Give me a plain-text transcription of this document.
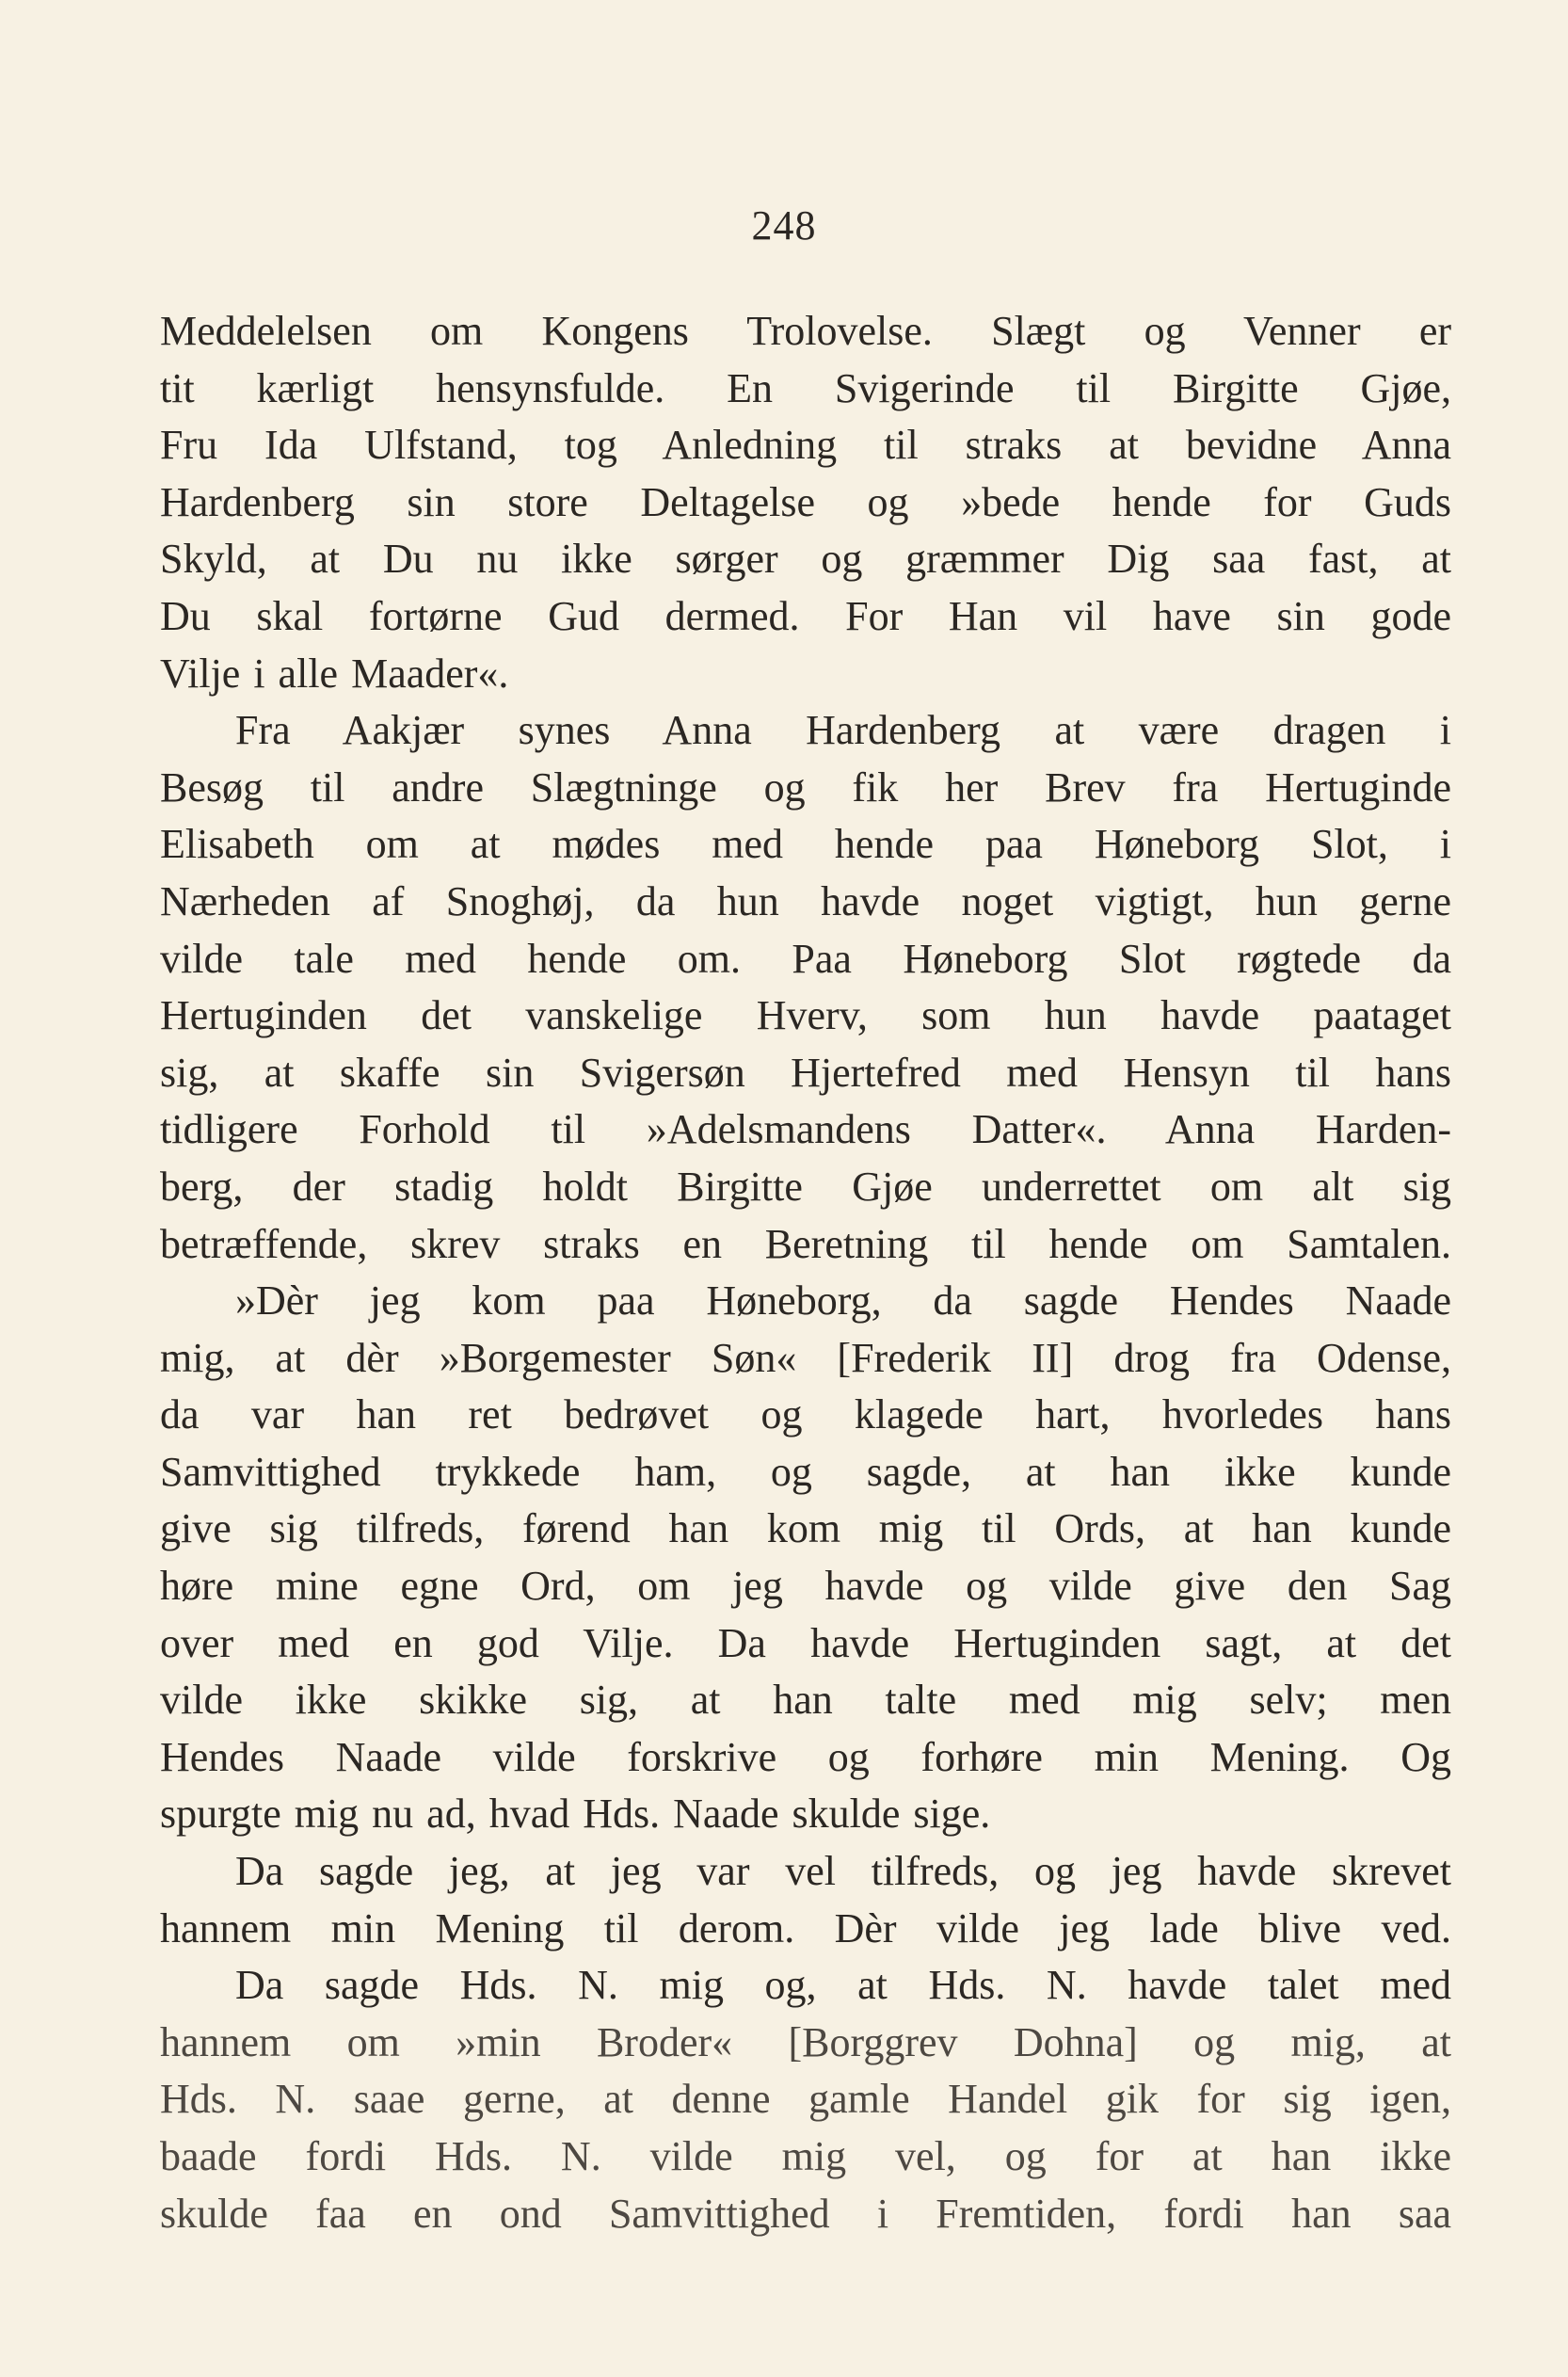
248
Meddelelsen om Kongens Trolovelse. Slægt og Venner er
tit kærligt hensynsfulde. En Svigerinde til Birgitte Gjøe,
Fru Ida Ulfstand, tog Anledning til straks at bevidne Anna
Hardenberg sin store Deltagelse og »bede hende for Guds
Skyld, at Du nu ikke sørger og græmmer Dig saa fast, at
Du skal fortørne Gud dermed. For Han vil have sin gode
Vilje i alle Maader«.
Fra Aakjær synes Anna Hardenberg at være dragen i
Besøg til andre Slægtninge og fik her Brev fra Hertuginde
Elisabeth om at mødes med hende paa Høneborg Slot, i
Nærheden af Snoghøj, da hun havde noget vigtigt, hun gerne
vilde tale med hende om. Paa Høneborg Slot røgtede da
Hertuginden det vanskelige Hverv, som hun havde paataget
sig, at skaffe sin Svigersøn Hjertefred med Hensyn til hans
tidligere Forhold til »Adelsmandens Datter«. Anna Harden-
berg, der stadig holdt Birgitte Gjøe underrettet om alt sig
betræffende, skrev straks en Beretning til hende om Samtalen.
»Dèr jeg kom paa Høneborg, da sagde Hendes Naade
mig, at dèr »Borgemester Søn« [Frederik II] drog fra Odense,
da var han ret bedrøvet og klagede hart, hvorledes hans
Samvittighed trykkede ham, og sagde, at han ikke kunde
give sig tilfreds, førend han kom mig til Ords, at han kunde
høre mine egne Ord, om jeg havde og vilde give den Sag
over med en god Vilje. Da havde Hertuginden sagt, at det
vilde ikke skikke sig, at han talte med mig selv; men
Hendes Naade vilde forskrive og forhøre min Mening. Og
spurgte mig nu ad, hvad Hds. Naade skulde sige.
Da sagde jeg, at jeg var vel tilfreds, og jeg havde skrevet
hannem min Mening til derom. Dèr vilde jeg lade blive ved.
Da sagde Hds. N. mig og, at Hds. N. havde talet med
hannem om »min Broder« [Borggrev Dohna] og mig, at
Hds. N. saae gerne, at denne gamle Handel gik for sig igen,
baade fordi Hds. N. vilde mig vel, og for at han ikke
skulde faa en ond Samvittighed i Fremtiden, fordi han saa
